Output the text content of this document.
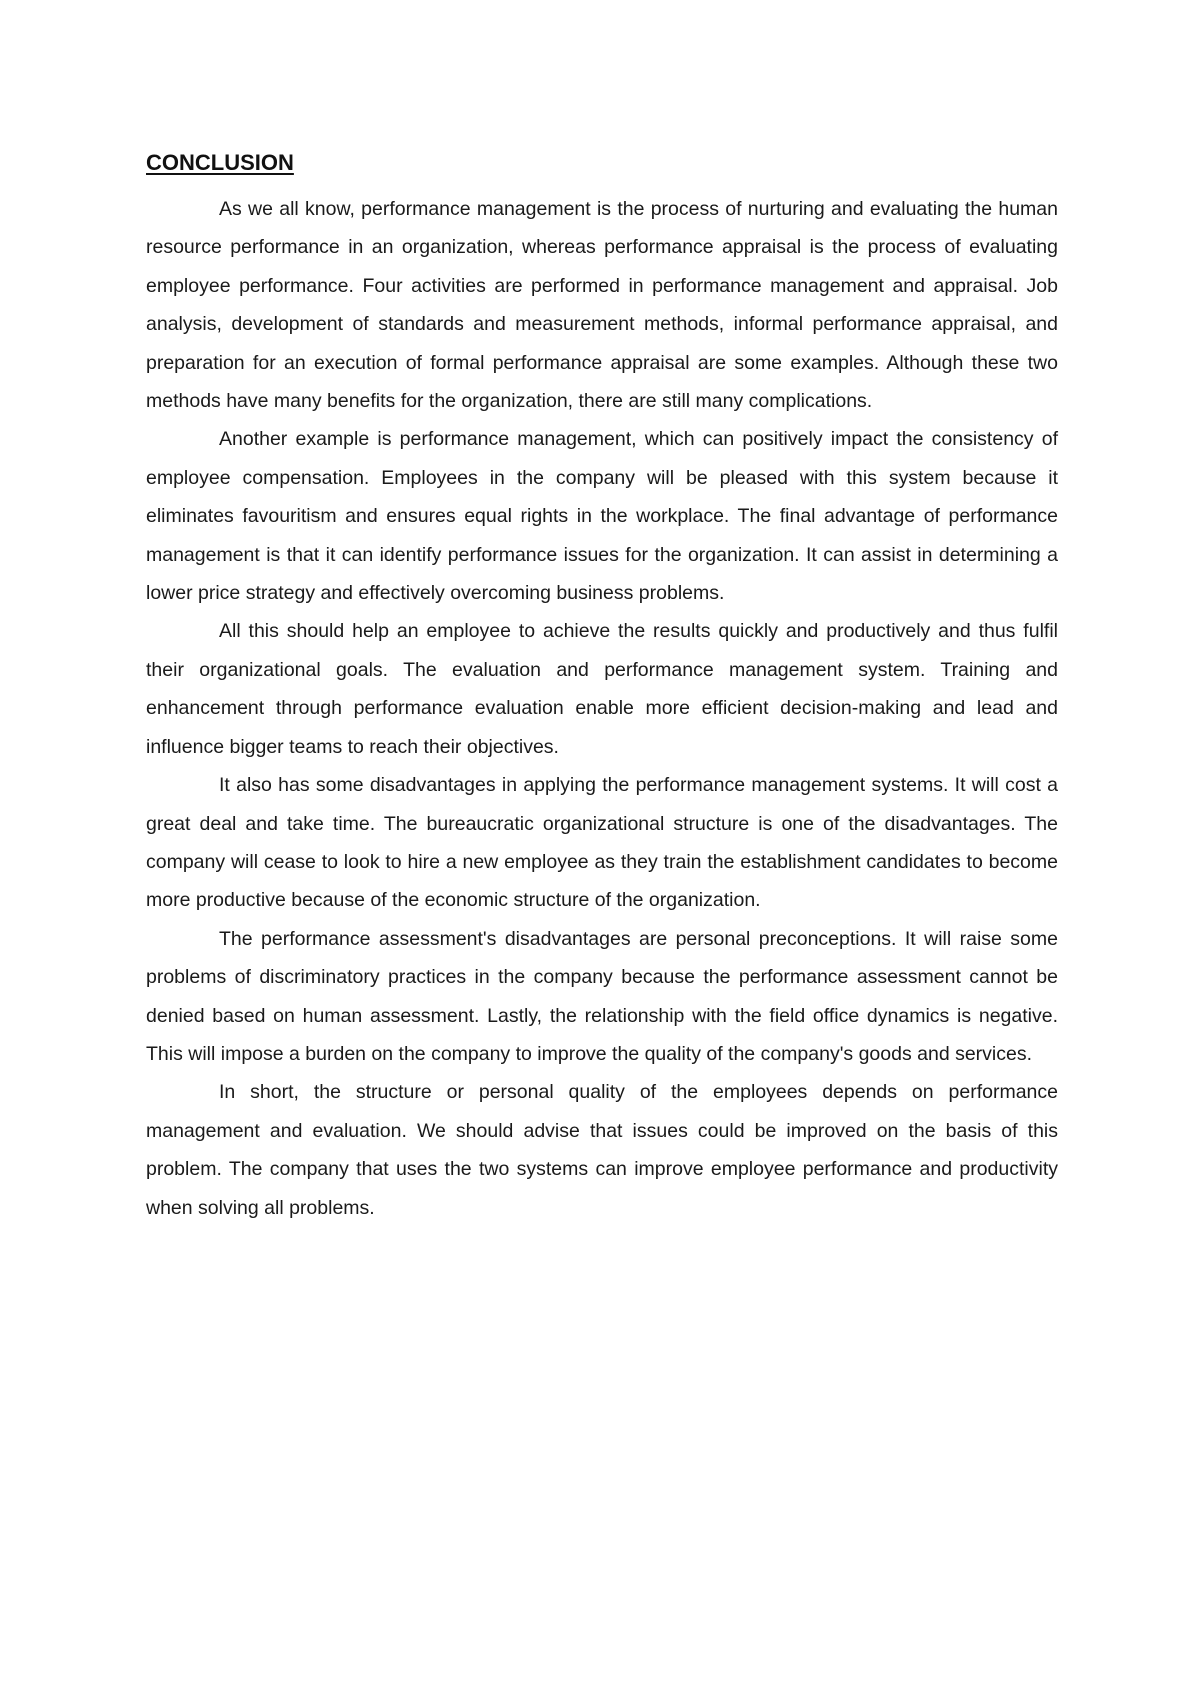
CONCLUSION

As we all know, performance management is the process of nurturing and evaluating the human resource performance in an organization, whereas performance appraisal is the process of evaluating employee performance. Four activities are performed in performance management and appraisal. Job analysis, development of standards and measurement methods, informal performance appraisal, and preparation for an execution of formal performance appraisal are some examples. Although these two methods have many benefits for the organization, there are still many complications.

Another example is performance management, which can positively impact the consistency of employee compensation. Employees in the company will be pleased with this system because it eliminates favouritism and ensures equal rights in the workplace. The final advantage of performance management is that it can identify performance issues for the organization. It can assist in determining a lower price strategy and effectively overcoming business problems.

All this should help an employee to achieve the results quickly and productively and thus fulfil their organizational goals. The evaluation and performance management system. Training and enhancement through performance evaluation enable more efficient decision-making and lead and influence bigger teams to reach their objectives.

It also has some disadvantages in applying the performance management systems. It will cost a great deal and take time. The bureaucratic organizational structure is one of the disadvantages. The company will cease to look to hire a new employee as they train the establishment candidates to become more productive because of the economic structure of the organization.

The performance assessment's disadvantages are personal preconceptions. It will raise some problems of discriminatory practices in the company because the performance assessment cannot be denied based on human assessment. Lastly, the relationship with the field office dynamics is negative. This will impose a burden on the company to improve the quality of the company's goods and services.

In short, the structure or personal quality of the employees depends on performance management and evaluation. We should advise that issues could be improved on the basis of this problem. The company that uses the two systems can improve employee performance and productivity when solving all problems.
